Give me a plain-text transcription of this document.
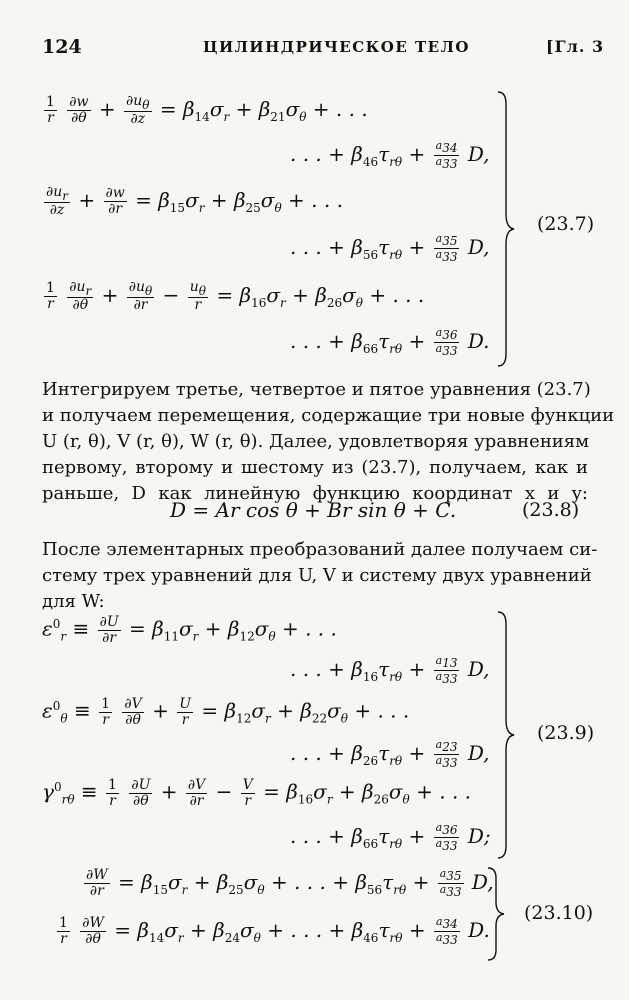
124	ЦИЛИНДРИЧЕСКОЕ ТЕЛО	[Гл. 3
$\frac{1}{r}$
$\frac{\partial w}{\partial\theta} + \frac{\partial u_\theta}{\partial z} = \beta_{14}\sigma_r + \beta_{21}\sigma_\theta$ + . . .
. . . + $\beta_{46}\tau_{r\theta} + \frac{a_{34}}{a_{33}} D$,
$\frac{\partial u_r}{\partial z} + \frac{\partial w}{\partial r} = \beta_{15}\sigma_r + \beta_{25}\sigma_\theta$ + . . .
. . . + $\beta_{56}\tau_{r\theta} + \frac{a_{35}}{a_{33}} D$,
$\frac{1}{r}$
$\frac{\partial u_r}{\partial\theta} + \frac{\partial u_\theta}{\partial r} - \frac{u_\theta}{r} = \beta_{16}\sigma_r + \beta_{26}\sigma_\theta$ + . . .
. . . + $\beta_{66}\tau_{r\theta} + \frac{a_{36}}{a_{33}} D$.
(23.7)
Интегрируем третье, четвертое и пятое уравнения (23.7)
и получаем перемещения, содержащие три новые функции
U (r, θ), V (r, θ), W (r, θ). Далее, удовлетворяя уравнениям
первому, второму и шестому из (23.7), получаем, как и
раньше, D как линейную функцию координат x и y:
D = Ar cos θ + Br sin θ + C.	(23.8)
После элементарных преобразований далее получаем си-
стему трех уравнений для U, V и систему двух уравнений
для W:
$\varepsilon^0_r \equiv \frac{\partial U}{\partial r} = \beta_{11}\sigma_r + \beta_{12}\sigma_\theta$ + . . .
. . . + $\beta_{16}\tau_{r\theta} + \frac{a_{13}}{a_{33}} D$,
$\varepsilon^0_\theta \equiv \frac{1}{r}$
$\frac{\partial V}{\partial\theta} + \frac{U}{r} = \beta_{12}\sigma_r + \beta_{22}\sigma_\theta$ + . . .
. . . + $\beta_{26}\tau_{r\theta} + \frac{a_{23}}{a_{33}} D$,
$\gamma^0_{r\theta} \equiv \frac{1}{r}$
$\frac{\partial U}{\partial\theta} + \frac{\partial V}{\partial r} - \frac{V}{r} = \beta_{16}\sigma_r + \beta_{26}\sigma_\theta$ + . . .
. . . + $\beta_{66}\tau_{r\theta} + \frac{a_{36}}{a_{33}} D$;
(23.9)
$\frac{\partial W}{\partial r} = \beta_{15}\sigma_r + \beta_{25}\sigma_\theta$ + . . . + $\beta_{56}\tau_{r\theta} + \frac{a_{35}}{a_{33}} D$,
$\frac{1}{r}$
$\frac{\partial W}{\partial\theta} = \beta_{14}\sigma_r + \beta_{24}\sigma_\theta$ + . . . + $\beta_{46}\tau_{r\theta} + \frac{a_{34}}{a_{33}} D$.
(23.10)
